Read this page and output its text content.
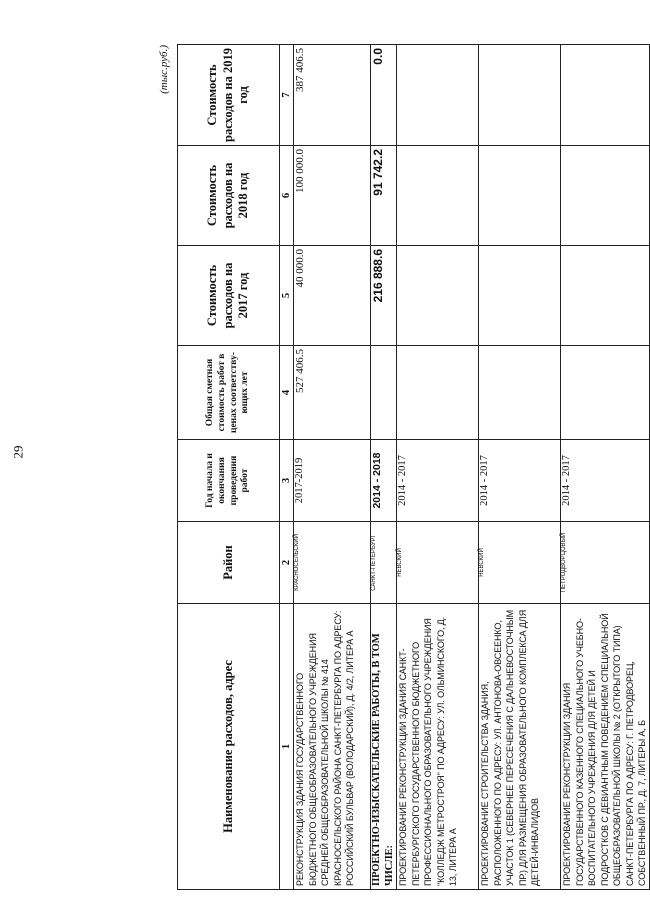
29
(тыс.руб.)
Наименование расходов, адрес	Район	Год начала и окончания проведения работ	Общая сметная стоимость работ в ценах соответству-ющих лет	Стоимость расходов на 2017 год	Стоимость расходов на 2018 год	Стоимость расходов на 2019 год
1	2	3	4	5	6	7
РЕКОНСТРУКЦИЯ ЗДАНИЯ ГОСУДАРСТВЕННОГО БЮДЖЕТНОГО ОБЩЕОБРАЗОВАТЕЛЬНОГО УЧРЕЖДЕНИЯ СРЕДНЕЙ ОБЩЕОБРАЗОВАТЕЛЬНОЙ ШКОЛЫ № 414 КРАСНОСЕЛЬСКОГО РАЙОНА САНКТ-ПЕТЕРБУРГА ПО АДРЕСУ: РОССИЙСКИЙ БУЛЬВАР (ВОЛОДАРСКИЙ), Д. 4/2, ЛИТЕРА А	КРАСНОСЕЛЬСКИЙ	2017-2019	527 406.5	40 000.0	100 000.0	387 406.5
ПРОЕКТНО-ИЗЫСКАТЕЛЬСКИЕ РАБОТЫ, В ТОМ ЧИСЛЕ:	САНКТ-ПЕТЕРБУРГ	2014 - 2018		216 888.6	91 742.2	0.0
ПРОЕКТИРОВАНИЕ РЕКОНСТРУКЦИИ ЗДАНИЯ САНКТ-ПЕТЕРБУРГСКОГО ГОСУДАРСТВЕННОГО БЮДЖЕТНОГО ПРОФЕССИОНАЛЬНОГО ОБРАЗОВАТЕЛЬНОГО УЧРЕЖДЕНИЯ "КОЛЛЕДЖ МЕТРОСТРОЯ" ПО АДРЕСУ: УЛ. ОЛЬМИНСКОГО, Д. 13, ЛИТЕРА А	НЕВСКИЙ	2014 - 2017				
ПРОЕКТИРОВАНИЕ СТРОИТЕЛЬСТВА ЗДАНИЯ, РАСПОЛОЖЕННОГО ПО АДРЕСУ: УЛ. АНТОНОВА-ОВСЕЕНКО, УЧАСТОК 1 (СЕВЕРНЕЕ ПЕРЕСЕЧЕНИЯ С ДАЛЬНЕВОСТОЧНЫМ ПР.) ДЛЯ РАЗМЕЩЕНИЯ ОБРАЗОВАТЕЛЬНОГО КОМПЛЕКСА ДЛЯ ДЕТЕЙ-ИНВАЛИДОВ	НЕВСКИЙ	2014 - 2017				
ПРОЕКТИРОВАНИЕ РЕКОНСТРУКЦИИ ЗДАНИЯ ГОСУДАРСТВЕННОГО КАЗЕННОГО СПЕЦИАЛЬНОГО УЧЕБНО-ВОСПИТАТЕЛЬНОГО УЧРЕЖДЕНИЯ ДЛЯ ДЕТЕЙ И ПОДРОСТКОВ С ДЕВИАНТНЫМ ПОВЕДЕНИЕМ СПЕЦИАЛЬНОЙ ОБЩЕОБРАЗОВАТЕЛЬНОЙ ШКОЛЫ № 2 (ОТКРЫТОГО ТИПА) САНКТ-ПЕТЕРБУРГА ПО АДРЕСУ: Г. ПЕТРОДВОРЕЦ, СОБСТВЕННЫЙ ПР., Д. 7, ЛИТЕРЫ А, Б	ПЕТРОДВОРЦОВЫЙ	2014 - 2017				
